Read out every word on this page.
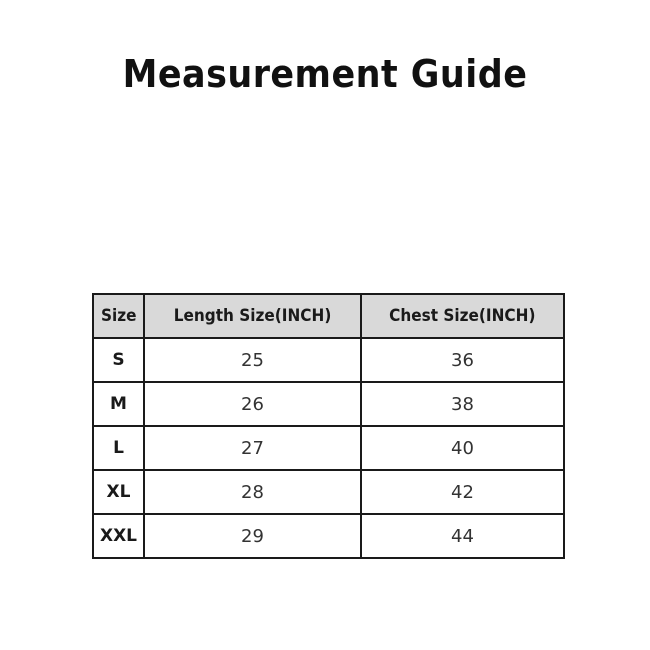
Measurement Guide
Size	Length Size(INCH)	Chest Size(INCH)
S	25	36
M	26	38
L	27	40
XL	28	42
XXL	29	44
